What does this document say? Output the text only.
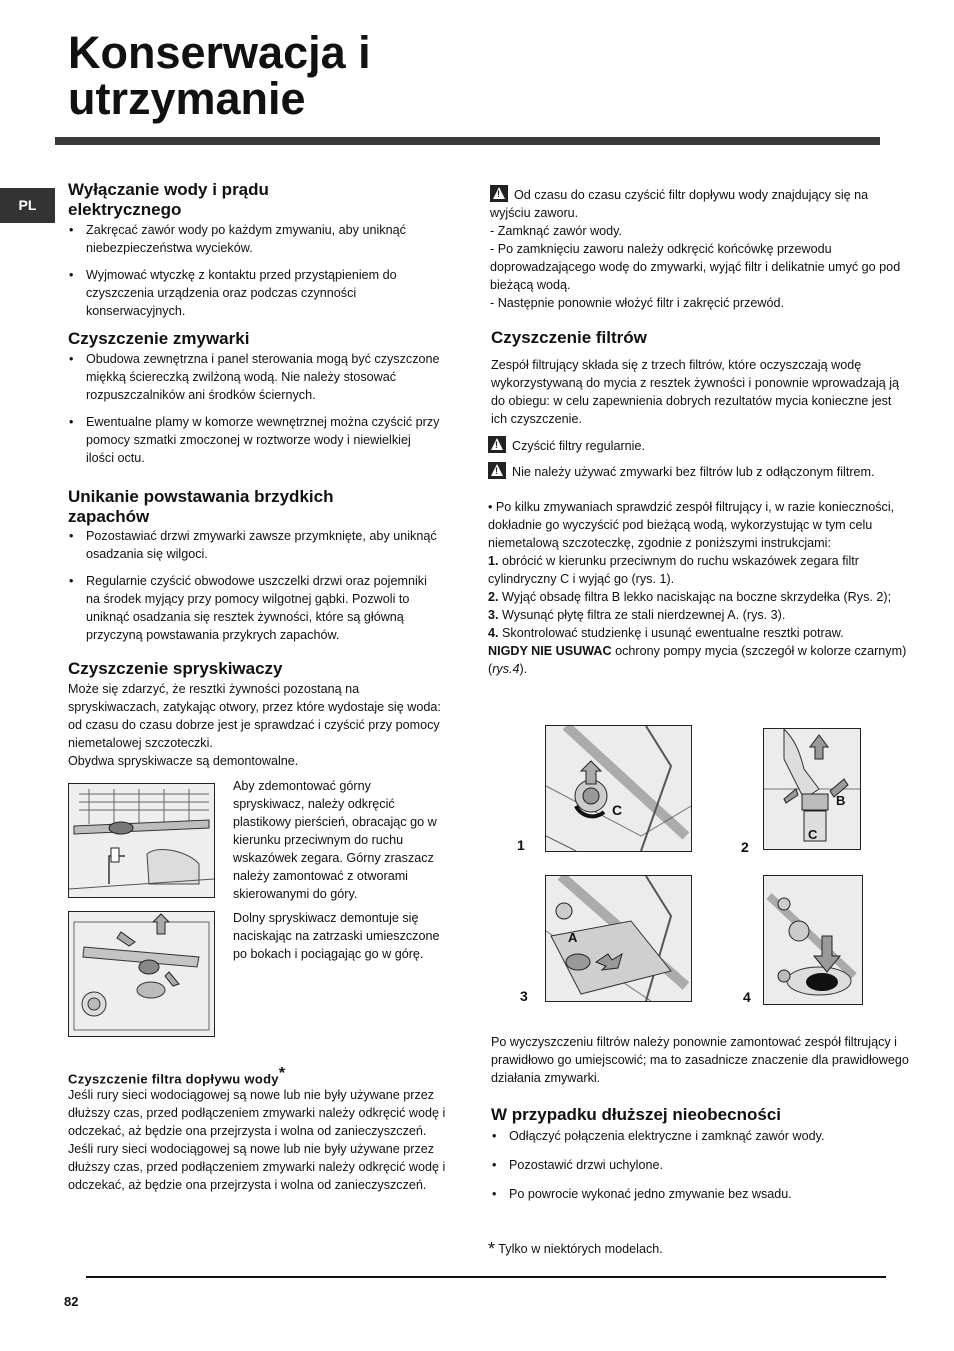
Konserwacja i
utrzymanie
PL
Wyłączanie wody i prądu
elektrycznego
• Zakręcać zawór wody po każdym zmywaniu, aby uniknąć niebezpieczeństwa wycieków.
• Wyjmować wtyczkę z kontaktu przed przystąpieniem do czyszczenia urządzenia oraz podczas czynności konserwacyjnych.
Czyszczenie zmywarki
• Obudowa zewnętrzna i panel sterowania mogą być czyszczone miękką ściereczką zwilżoną wodą. Nie należy stosować rozpuszczalników ani środków ściernych.
• Ewentualne plamy w komorze wewnętrznej można czyścić przy pomocy szmatki zmoczonej w roztworze wody i niewielkiej ilości octu.
Unikanie powstawania brzydkich
zapachów
• Pozostawiać drzwi zmywarki zawsze przymknięte, aby uniknąć osadzania się wilgoci.
• Regularnie czyścić obwodowe uszczelki drzwi oraz pojemniki na środek myjący przy pomocy wilgotnej gąbki. Pozwoli to uniknąć osadzania się resztek żywności, które są główną przyczyną powstawania przykrych zapachów.
Czyszczenie spryskiwaczy

Może się zdarzyć, że resztki żywności pozostaną na spryskiwaczach, zatykając otwory, przez które wydostaje się woda: od czasu do czasu dobrze jest je sprawdzać i czyścić przy pomocy niemetalowej szczoteczki.
Obydwa spryskiwacze są demontowalne.

Aby zdemontować górny spryskiwacz, należy odkręcić plastikowy pierścień, obracając go w kierunku przeciwnym do ruchu wskazówek zegara. Górny zraszacz należy zamontować z otworami skierowanymi do góry.

Dolny spryskiwacz demontuje się naciskając na zatrzaski umieszczone po bokach i pociągając go w górę.

Czyszczenie filtra dopływu wody*

Jeśli rury sieci wodociągowej są nowe lub nie były używane przez dłuższy czas, przed podłączeniem zmywarki należy odkręcić wodę i odczekać, aż będzie ona przejrzysta i wolna od zanieczyszczeń. Jeśli rury sieci wodociągowej są nowe lub nie były używane przez dłuższy czas, przed podłączeniem zmywarki należy odkręcić wodę i odczekać, aż będzie ona przejrzysta i wolna od zanieczyszczeń.

!Od czasu do czasu czyścić filtr dopływu wody znajdujący się na wyjściu zaworu.
- Zamknąć zawór wody.
- Po zamknięciu zaworu należy odkręcić końcówkę przewodu doprowadzającego wodę do zmywarki, wyjąć filtr i delikatnie umyć go pod bieżącą wodą.
- Następnie ponownie włożyć filtr i zakręcić przewód.
Czyszczenie filtrów

Zespół filtrujący składa się z trzech filtrów, które oczyszczają wodę wykorzystywaną do mycia z resztek żywności i ponownie wprowadzają ją do obiegu: w celu zapewnienia dobrych rezultatów mycia konieczne jest ich czyszczenie.

!Czyścić filtry regularnie.
!Nie należy używać zmywarki bez filtrów lub z odłączonym filtrem.
• Po kilku zmywaniach sprawdzić zespół filtrujący i, w razie konieczności, dokładnie go wyczyścić pod bieżącą wodą, wykorzystując w tym celu niemetalową szczoteczkę, zgodnie z poniższymi instrukcjami:
1. obrócić w kierunku przeciwnym do ruchu wskazówek zegara filtr cylindryczny C i wyjąć go (rys. 1).
2. Wyjąć obsadę filtra B lekko naciskając na boczne skrzydełka (Rys. 2);
3. Wysunąć płytę filtra ze stali nierdzewnej A. (rys. 3).
4. Skontrolować studzienkę i usunąć ewentualne resztki potraw.
NIGDY NIE USUWAC ochrony pompy mycia (szczegół w kolorze czarnym) (rys.4).
C
1
B
C
2
A
3	4

Po wyczyszczeniu filtrów należy ponownie zamontować zespół filtrujący i prawidłowo go umiejscowić; ma to zasadnicze znaczenie dla prawidłowego działania zmywarki.

W przypadku dłuższej nieobecności
• Odłączyć połączenia elektryczne i zamknąć zawór wody.
• Pozostawić drzwi uchylone.
• Po powrocie wykonać jedno zmywanie bez wsadu.
* Tylko w niektórych modelach.
82
